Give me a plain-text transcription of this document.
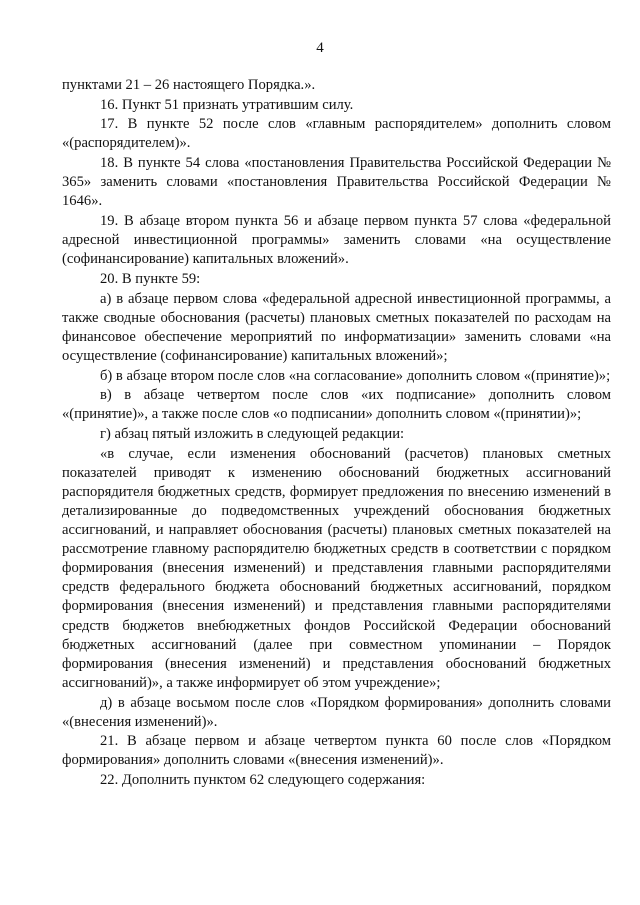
4

пунктами 21 – 26 настоящего Порядка.».

16. Пункт 51 признать утратившим силу.

17. В пункте 52 после слов «главным распорядителем» дополнить словом «(распорядителем)».

18. В пункте 54 слова «постановления Правительства Российской Федерации № 365» заменить словами «постановления Правительства Российской Федерации № 1646».

19. В абзаце втором пункта 56 и абзаце первом пункта 57 слова «федеральной адресной инвестиционной программы» заменить словами «на осуществление (софинансирование) капитальных вложений».

20. В пункте 59:

а) в абзаце первом слова «федеральной адресной инвестиционной программы, а также сводные обоснования (расчеты) плановых сметных показателей по расходам на финансовое обеспечение мероприятий по информатизации» заменить словами «на осуществление (софинансирование) капитальных вложений»;

б) в абзаце втором после слов «на согласование» дополнить словом «(принятие)»;

в) в абзаце четвертом после слов «их подписание» дополнить словом «(принятие)», а также после слов «о подписании» дополнить словом «(принятии)»;

г) абзац пятый изложить в следующей редакции:

«в случае, если изменения обоснований (расчетов) плановых сметных показателей приводят к изменению обоснований бюджетных ассигнований распорядителя бюджетных средств, формирует предложения по внесению изменений в детализированные до подведомственных учреждений обоснования бюджетных ассигнований, и направляет обоснования (расчеты) плановых сметных показателей на рассмотрение главному распорядителю бюджетных средств в соответствии с порядком формирования (внесения изменений) и представления главными распорядителями средств федерального бюджета обоснований бюджетных ассигнований, порядком формирования (внесения изменений) и представления главными распорядителями средств бюджетов внебюджетных фондов Российской Федерации обоснований бюджетных ассигнований (далее при совместном упоминании – Порядок формирования (внесения изменений) и представления обоснований бюджетных ассигнований)», а также информирует об этом учреждение»;

д) в абзаце восьмом после слов «Порядком формирования» дополнить словами «(внесения изменений)».

21. В абзаце первом и абзаце четвертом пункта 60 после слов «Порядком формирования» дополнить словами «(внесения изменений)».

22. Дополнить пунктом 62 следующего содержания:
